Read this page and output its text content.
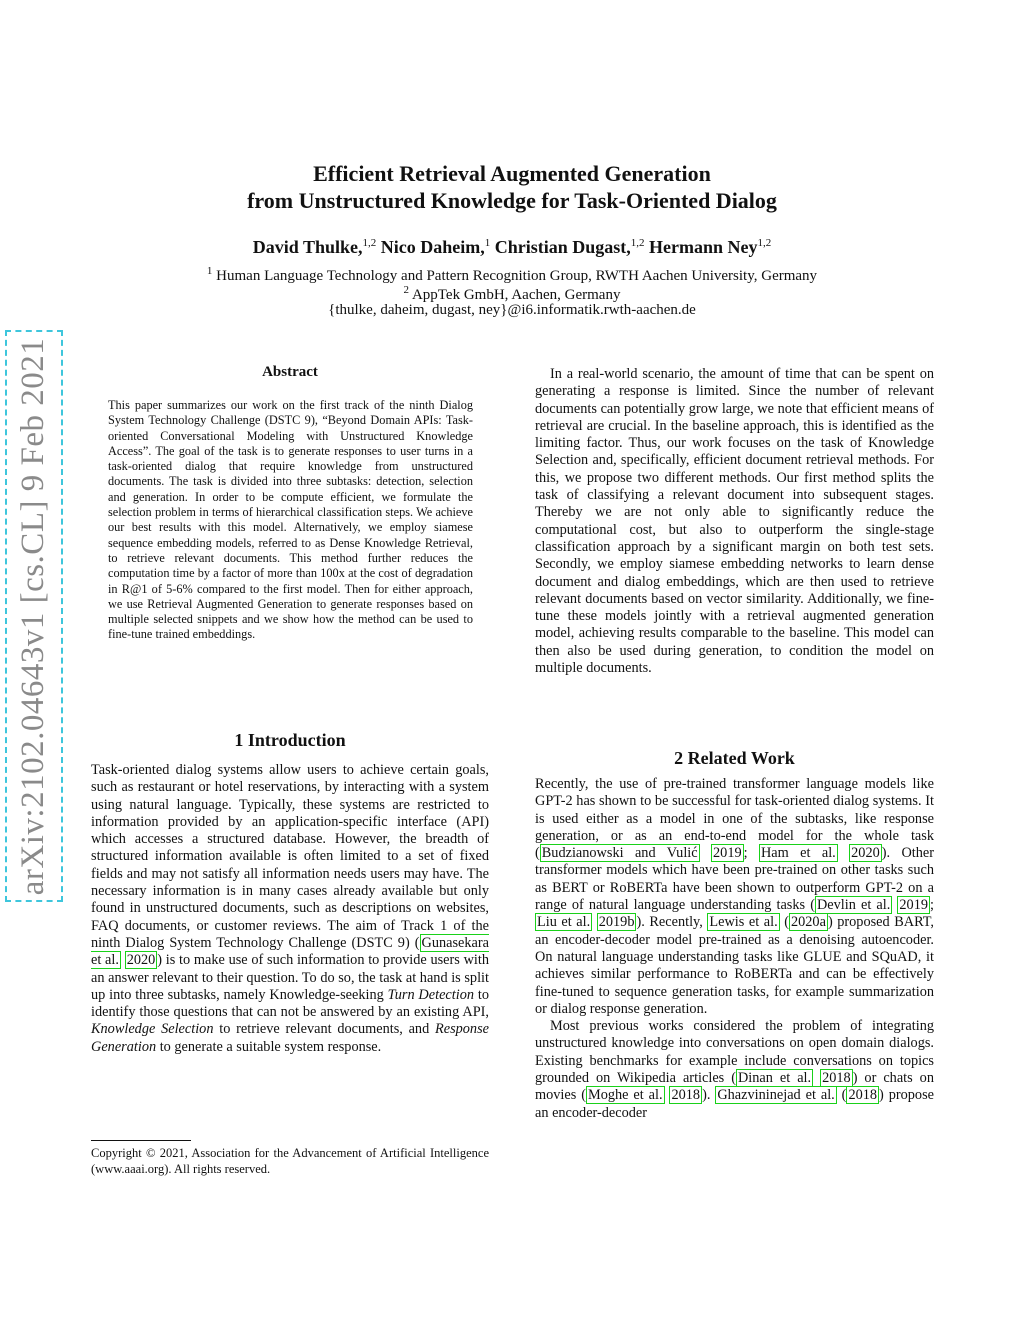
Efficient Retrieval Augmented Generation
from Unstructured Knowledge for Task-Oriented Dialog
David Thulke,$^{1,2}$ Nico Daheim,$^1$ Christian Dugast,$^{1,2}$ Hermann Ney$^{1,2}$
$^1$ Human Language Technology and Pattern Recognition Group, RWTH Aachen University, Germany
$^2$ AppTek GmbH, Aachen, Germany
{thulke, daheim, dugast, ney}@i6.informatik.rwth-aachen.de
arXiv:2102.04643v1 [cs.CL] 9 Feb 2021	Abstract
This paper summarizes our work on the first track of the ninth Dialog System Technology Challenge (DSTC 9), “Beyond Domain APIs: Task-oriented Conversational Modeling with Unstructured Knowledge Access”. The goal of the task is to generate responses to user turns in a task-oriented dialog that require knowledge from unstructured documents. The task is divided into three subtasks: detection, selection and generation. In order to be compute efficient, we formulate the selection problem in terms of hierarchical classification steps. We achieve our best results with this model. Alternatively, we employ siamese sequence embedding models, referred to as Dense Knowledge Retrieval, to retrieve relevant documents. This method further reduces the computation time by a factor of more than 100x at the cost of degradation in R@1 of 5-6% compared to the first model. Then for either approach, we use Retrieval Augmented Generation to generate responses based on multiple selected snippets and we show how the method can be used to fine-tune trained embeddings.
1 Introduction

Task-oriented dialog systems allow users to achieve certain goals, such as restaurant or hotel reservations, by interacting with a system using natural language. Typically, these systems are restricted to information provided by an application-specific interface (API) which accesses a structured database. However, the breadth of structured information available is often limited to a set of fixed fields and may not satisfy all information needs users may have. The necessary information is in many cases already available but only found in unstructured documents, such as descriptions on websites, FAQ documents, or customer reviews. The aim of Track 1 of the ninth Dialog System Technology Challenge (DSTC 9) ( Gunasekara et al. 2020 ) is to make use of such information to provide users with an answer relevant to their question. To do so, the task at hand is split up into three subtasks, namely Knowledge-seeking Turn Detection to identify those questions that can not be answered by an existing API, Knowledge Selection to retrieve relevant documents, and Response Generation to generate a suitable system response.

Copyright © 2021, Association for the Advancement of Artificial Intelligence (www.aaai.org). All rights reserved.

In a real-world scenario, the amount of time that can be spent on generating a response is limited. Since the number of relevant documents can potentially grow large, we note that efficient means of retrieval are crucial. In the baseline approach, this is identified as the limiting factor. Thus, our work focuses on the task of Knowledge Selection and, specifically, efficient document retrieval methods. For this, we propose two different methods. Our first method splits the task of classifying a relevant document into subsequent stages. Thereby we are not only able to significantly reduce the computational cost, but also to outperform the single-stage classification approach by a significant margin on both test sets. Secondly, we employ siamese embedding networks to learn dense document and dialog embeddings, which are then used to retrieve relevant documents based on vector similarity. Additionally, we fine-tune these models jointly with a retrieval augmented generation model, achieving results comparable to the baseline. This model can then also be used during generation, to condition the model on multiple documents.

2 Related Work

Recently, the use of pre-trained transformer language models like GPT-2 has shown to be successful for task-oriented dialog systems. It is used either as a model in one of the subtasks, like response generation, or as an end-to-end model for the whole task ( Budzianowski and Vulić 2019 ; Ham et al. 2020 ). Other transformer models which have been pre-trained on other tasks such as BERT or RoBERTa have been shown to outperform GPT-2 on a range of natural language understanding tasks ( Devlin et al. 2019 ; Liu et al. 2019b ). Recently, Lewis et al. ( 2020a ) proposed BART, an encoder-decoder model pre-trained as a denoising autoencoder. On natural language understanding tasks like GLUE and SQuAD, it achieves similar performance to RoBERTa and can be effectively fine-tuned to sequence generation tasks, for example summarization or dialog response generation.

Most previous works considered the problem of integrating unstructured knowledge into conversations on open domain dialogs. Existing benchmarks for example include conversations on topics grounded on Wikipedia articles ( Dinan et al. 2018 ) or chats on movies ( Moghe et al. 2018 ). Ghazvininejad et al. ( 2018 ) propose an encoder-decoder
